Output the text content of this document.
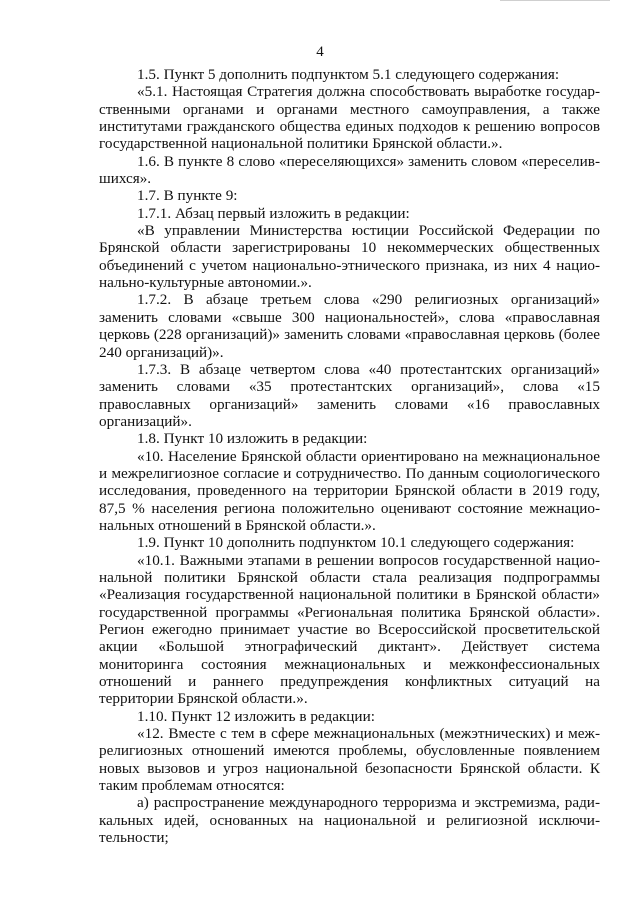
4

1.5. Пункт 5 дополнить подпунктом 5.1 следующего содержания:

«5.1. Настоящая Стратегия должна способствовать выработке государственными органами и органами местного самоуправления, а также институтами гражданского общества единых подходов к решению вопросов государственной национальной политики Брянской области.».

1.6. В пункте 8 слово «переселяющихся» заменить словом «переселившихся».

1.7. В пункте 9:

1.7.1. Абзац первый изложить в редакции:

«В управлении Министерства юстиции Российской Федерации по Брянской области зарегистрированы 10 некоммерческих общественных объединений с учетом национально-этнического признака, из них 4 национально-культурные автономии.».

1.7.2. В абзаце третьем слова «290 религиозных организаций» заменить словами «свыше 300 национальностей», слова «православная церковь (228 организаций)» заменить словами «православная церковь (более 240 организаций)».

1.7.3. В абзаце четвертом слова «40 протестантских организаций» заменить словами «35 протестантских организаций», слова «15 православных организаций» заменить словами «16 православных организаций».

1.8. Пункт 10 изложить в редакции:

«10. Население Брянской области ориентировано на межнациональное и межрелигиозное согласие и сотрудничество. По данным социологического исследования, проведенного на территории Брянской области в 2019 году, 87,5 % населения региона положительно оценивают состояние межнациональных отношений в Брянской области.».

1.9. Пункт 10 дополнить подпунктом 10.1 следующего содержания:

«10.1. Важными этапами в решении вопросов государственной национальной политики Брянской области стала реализация подпрограммы «Реализация государственной национальной политики в Брянской области» государственной программы «Региональная политика Брянской области». Регион ежегодно принимает участие во Всероссийской просветительской акции «Большой этнографический диктант». Действует система мониторинга состояния межнациональных и межконфессиональных отношений и раннего предупреждения конфликтных ситуаций на территории Брянской области.».

1.10. Пункт 12 изложить в редакции:

«12. Вместе с тем в сфере межнациональных (межэтнических) и межрелигиозных отношений имеются проблемы, обусловленные появлением новых вызовов и угроз национальной безопасности Брянской области. К таким проблемам относятся:

а) распространение международного терроризма и экстремизма, радикальных идей, основанных на национальной и религиозной исключительности;
